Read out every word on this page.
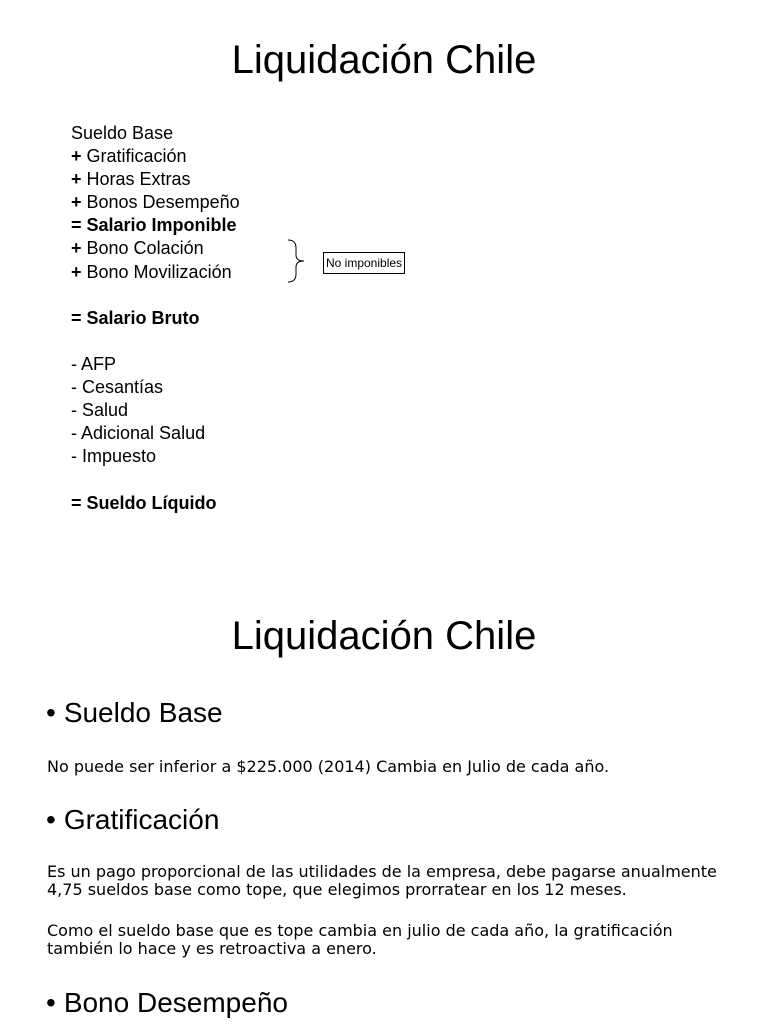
Liquidación Chile
Sueldo Base
+ Gratificación
+ Horas Extras
+ Bonos Desempeño
= Salario Imponible
+ Bono Colación
+ Bono Movilización
= Salario Bruto
- AFP
- Cesantías
- Salud
- Adicional Salud
- Impuesto
= Sueldo Líquido
No imponibles
Liquidación Chile
• Sueldo Base

No puede ser inferior a $225.000 (2014) Cambia en Julio de cada año.

• Gratificación

Es un pago proporcional de las utilidades de la empresa, debe pagarse anualmente 4,75 sueldos base como tope, que elegimos prorratear en los 12 meses.

Como el sueldo base que es tope cambia en julio de cada año, la gratificación también lo hace y es retroactiva a enero.

• Bono Desempeño
